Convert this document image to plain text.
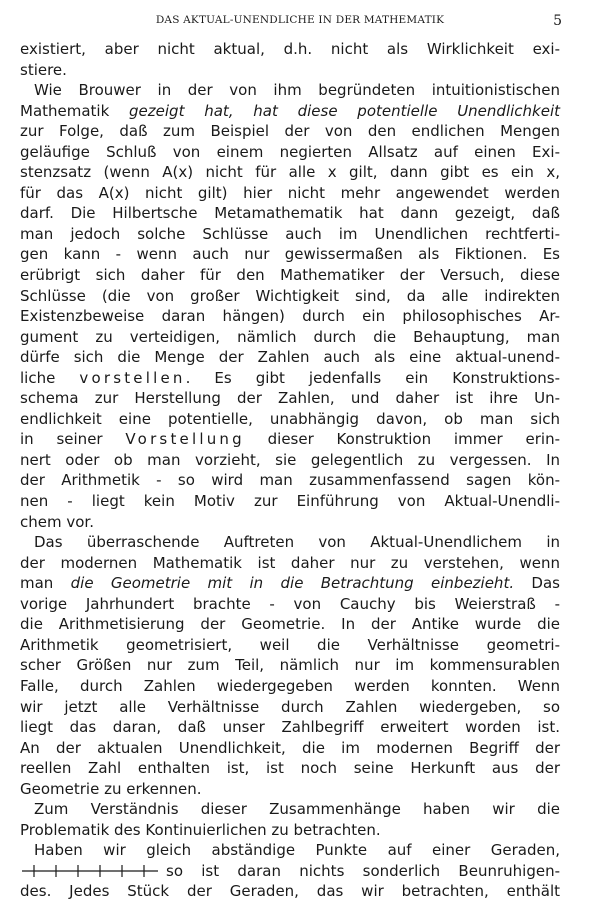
DAS AKTUAL-UNENDLICHE IN DER MATHEMATIK	5
existiert, aber nicht aktual, d.h. nicht als Wirklichkeit exi-
stiere.
Wie Brouwer in der von ihm begründeten intuitionistischen
Mathematik gezeigt hat, hat diese potentielle Unendlichkeit
zur Folge, daß zum Beispiel der von den endlichen Mengen
geläufige Schluß von einem negierten Allsatz auf einen Exi-
stenzsatz (wenn A(x) nicht für alle x gilt, dann gibt es ein x,
für das A(x) nicht gilt) hier nicht mehr angewendet werden
darf. Die Hilbertsche Metamathematik hat dann gezeigt, daß
man jedoch solche Schlüsse auch im Unendlichen rechtferti-
gen kann - wenn auch nur gewissermaßen als Fiktionen. Es
erübrigt sich daher für den Mathematiker der Versuch, diese
Schlüsse (die von großer Wichtigkeit sind, da alle indirekten
Existenzbeweise daran hängen) durch ein philosophisches Ar-
gument zu verteidigen, nämlich durch die Behauptung, man
dürfe sich die Menge der Zahlen auch als eine aktual-unend-
liche vorstellen. Es gibt jedenfalls ein Konstruktions-
schema zur Herstellung der Zahlen, und daher ist ihre Un-
endlichkeit eine potentielle, unabhängig davon, ob man sich
in seiner Vorstellung dieser Konstruktion immer erin-
nert oder ob man vorzieht, sie gelegentlich zu vergessen. In
der Arithmetik - so wird man zusammenfassend sagen kön-
nen - liegt kein Motiv zur Einführung von Aktual-Unendli-
chem vor.
Das überraschende Auftreten von Aktual-Unendlichem in
der modernen Mathematik ist daher nur zu verstehen, wenn
man die Geometrie mit in die Betrachtung einbezieht. Das
vorige Jahrhundert brachte - von Cauchy bis Weierstraß -
die Arithmetisierung der Geometrie. In der Antike wurde die
Arithmetik geometrisiert, weil die Verhältnisse geometri-
scher Größen nur zum Teil, nämlich nur im kommensurablen
Falle, durch Zahlen wiedergegeben werden konnten. Wenn
wir jetzt alle Verhältnisse durch Zahlen wiedergeben, so
liegt das daran, daß unser Zahlbegriff erweitert worden ist.
An der aktualen Unendlichkeit, die im modernen Begriff der
reellen Zahl enthalten ist, ist noch seine Herkunft aus der
Geometrie zu erkennen.
Zum Verständnis dieser Zusammenhänge haben wir die
Problematik des Kontinuierlichen zu betrachten.
Haben wir gleich abständige Punkte auf einer Geraden,
so ist daran nichts sonderlich Beunruhigen-
des. Jedes Stück der Geraden, das wir betrachten, enthält
